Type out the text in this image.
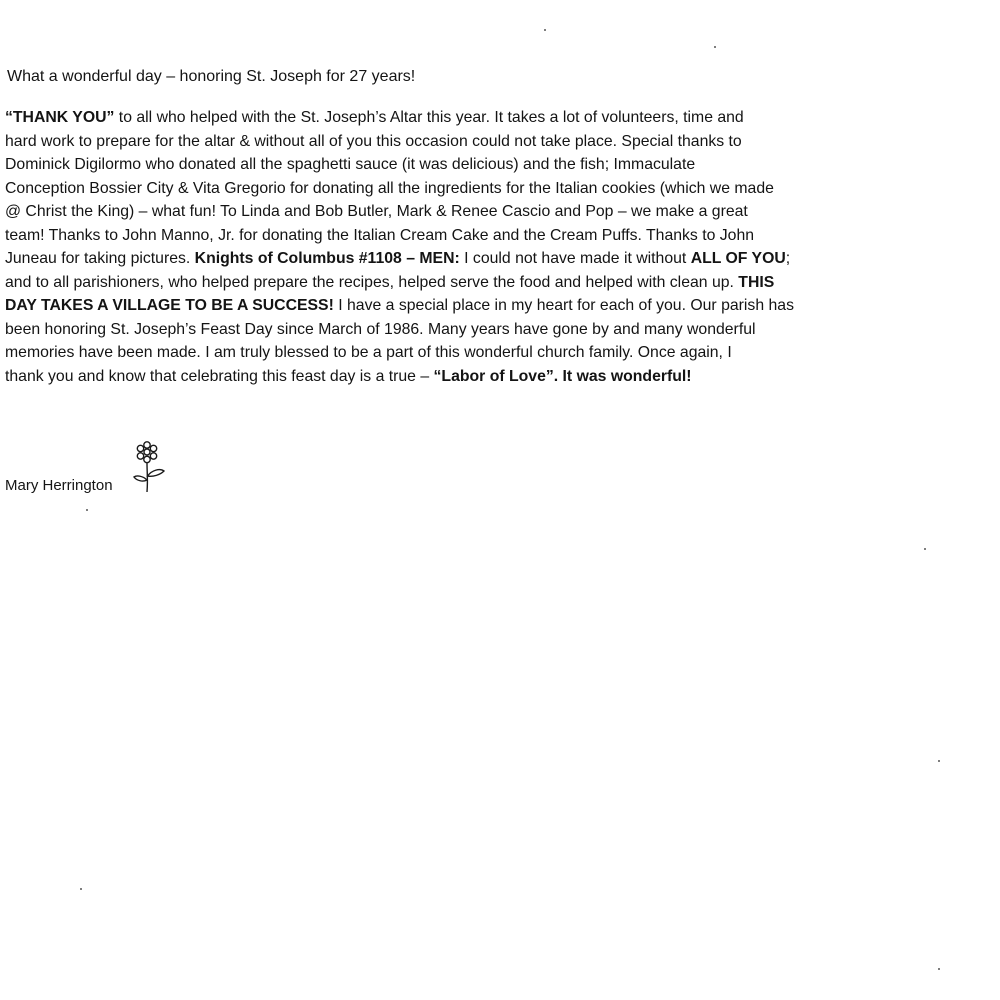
What a wonderful day – honoring St. Joseph for 27 years!
“THANK YOU” to all who helped with the St. Joseph’s Altar this year. It takes a lot of volunteers, time and
hard work to prepare for the altar & without all of you this occasion could not take place. Special thanks to
Dominick Digilormo who donated all the spaghetti sauce (it was delicious) and the fish; Immaculate
Conception Bossier City & Vita Gregorio for donating all the ingredients for the Italian cookies (which we made
@ Christ the King) – what fun! To Linda and Bob Butler, Mark & Renee Cascio and Pop – we make a great
team! Thanks to John Manno, Jr. for donating the Italian Cream Cake and the Cream Puffs. Thanks to John
Juneau for taking pictures. Knights of Columbus #1108 – MEN: I could not have made it without ALL OF YOU;
and to all parishioners, who helped prepare the recipes, helped serve the food and helped with clean up. THIS
DAY TAKES A VILLAGE TO BE A SUCCESS! I have a special place in my heart for each of you. Our parish has
been honoring St. Joseph’s Feast Day since March of 1986. Many years have gone by and many wonderful
memories have been made. I am truly blessed to be a part of this wonderful church family. Once again, I
thank you and know that celebrating this feast day is a true – “Labor of Love”. It was wonderful!
Mary Herrington
